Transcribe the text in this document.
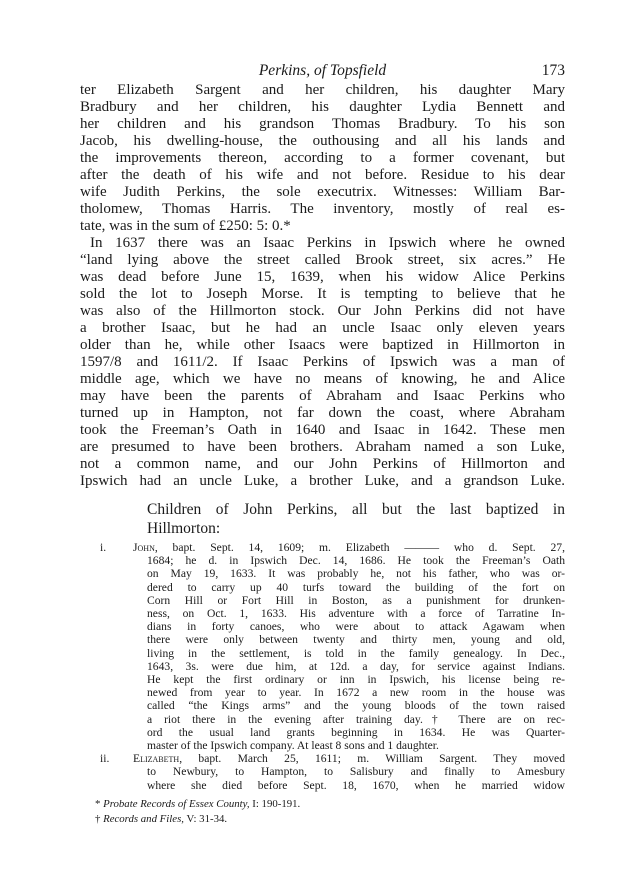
Perkins, of Topsfield	173
ter Elizabeth Sargent and her children, his daughter Mary
Bradbury and her children, his daughter Lydia Bennett and
her children and his grandson Thomas Bradbury. To his son
Jacob, his dwelling-house, the outhousing and all his lands and
the improvements thereon, according to a former covenant, but
after the death of his wife and not before. Residue to his dear
wife Judith Perkins, the sole executrix. Witnesses: William Bar-
tholomew, Thomas Harris. The inventory, mostly of real es-
tate, was in the sum of £250: 5: 0.*
In 1637 there was an Isaac Perkins in Ipswich where he owned
“land lying above the street called Brook street, six acres.” He
was dead before June 15, 1639, when his widow Alice Perkins
sold the lot to Joseph Morse. It is tempting to believe that he
was also of the Hillmorton stock. Our John Perkins did not have
a brother Isaac, but he had an uncle Isaac only eleven years
older than he, while other Isaacs were baptized in Hillmorton in
1597/8 and 1611/2. If Isaac Perkins of Ipswich was a man of
middle age, which we have no means of knowing, he and Alice
may have been the parents of Abraham and Isaac Perkins who
turned up in Hampton, not far down the coast, where Abraham
took the Freeman’s Oath in 1640 and Isaac in 1642. These men
are presumed to have been brothers. Abraham named a son Luke,
not a common name, and our John Perkins of Hillmorton and
Ipswich had an uncle Luke, a brother Luke, and a grandson Luke.
Children of John Perkins, all but the last baptized in
Hillmorton:
i. John, bapt. Sept. 14, 1609; m. Elizabeth ——— who d. Sept. 27,
1684; he d. in Ipswich Dec. 14, 1686. He took the Freeman’s Oath
on May 19, 1633. It was probably he, not his father, who was or-
dered to carry up 40 turfs toward the building of the fort on
Corn Hill or Fort Hill in Boston, as a punishment for drunken-
ness, on Oct. 1, 1633. His adventure with a force of Tarratine In-
dians in forty canoes, who were about to attack Agawam when
there were only between twenty and thirty men, young and old,
living in the settlement, is told in the family genealogy. In Dec.,
1643, 3s. were due him, at 12d. a day, for service against Indians.
He kept the first ordinary or inn in Ipswich, his license being re-
newed from year to year. In 1672 a new room in the house was
called “the Kings arms” and the young bloods of the town raised
a riot there in the evening after training day.† There are on rec-
ord the usual land grants beginning in 1634. He was Quarter-
master of the Ipswich company. At least 8 sons and 1 daughter.
ii. Elizabeth, bapt. March 25, 1611; m. William Sargent. They moved
to Newbury, to Hampton, to Salisbury and finally to Amesbury
where she died before Sept. 18, 1670, when he married widow
* Probate Records of Essex County, I: 190-191.
† Records and Files, V: 31-34.
